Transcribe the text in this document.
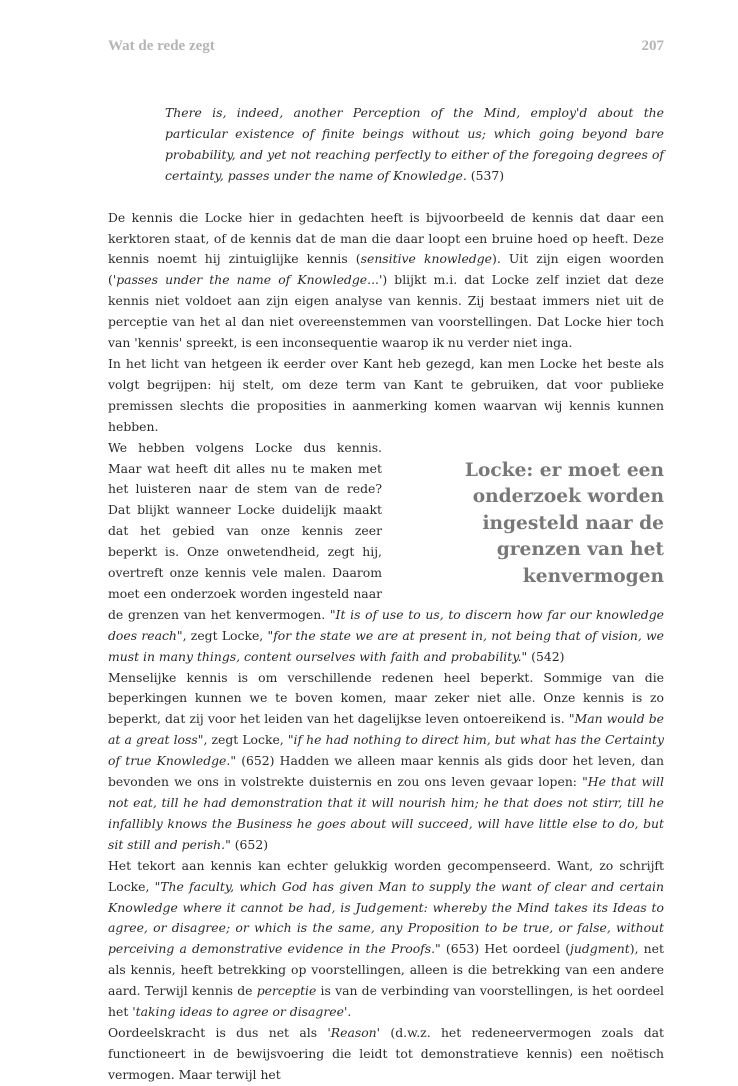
Wat de rede zegt	207

There is, indeed, another Perception of the Mind, employ'd about the particular existence of finite beings without us; which going beyond bare probability, and yet not reaching perfectly to either of the foregoing degrees of certainty, passes under the name of Knowledge. (537)

De kennis die Locke hier in gedachten heeft is bijvoorbeeld de kennis dat daar een kerktoren staat, of de kennis dat de man die daar loopt een bruine hoed op heeft. Deze kennis noemt hij zintuiglijke kennis (sensitive knowledge). Uit zijn eigen woorden ('passes under the name of Knowledge...') blijkt m.i. dat Locke zelf inziet dat deze kennis niet voldoet aan zijn eigen analyse van kennis. Zij bestaat immers niet uit de perceptie van het al dan niet overeenstemmen van voorstellingen. Dat Locke hier toch van 'kennis' spreekt, is een inconsequentie waarop ik nu verder niet inga.

In het licht van hetgeen ik eerder over Kant heb gezegd, kan men Locke het beste als volgt begrijpen: hij stelt, om deze term van Kant te gebruiken, dat voor publieke premissen slechts die proposities in aanmerking komen waarvan wij kennis kunnen hebben.

Locke: er moet een onderzoek worden ingesteld naar de grenzen van het kenvermogen

We hebben volgens Locke dus kennis. Maar wat heeft dit alles nu te maken met het luisteren naar de stem van de rede? Dat blijkt wanneer Locke duidelijk maakt dat het gebied van onze kennis zeer beperkt is. Onze onwetendheid, zegt hij, overtreft onze kennis vele malen. Daarom moet een onderzoek worden ingesteld naar de grenzen van het kenvermogen. "It is of use to us, to discern how far our knowledge does reach", zegt Locke, "for the state we are at present in, not being that of vision, we must in many things, content ourselves with faith and probability." (542)

Menselijke kennis is om verschillende redenen heel beperkt. Sommige van die beperkingen kunnen we te boven komen, maar zeker niet alle. Onze kennis is zo beperkt, dat zij voor het leiden van het dagelijkse leven ontoereikend is. "Man would be at a great loss", zegt Locke, "if he had nothing to direct him, but what has the Certainty of true Knowledge." (652) Hadden we alleen maar kennis als gids door het leven, dan bevonden we ons in volstrekte duisternis en zou ons leven gevaar lopen: "He that will not eat, till he had demonstration that it will nourish him; he that does not stirr, till he infallibly knows the Business he goes about will succeed, will have little else to do, but sit still and perish." (652)

Het tekort aan kennis kan echter gelukkig worden gecompenseerd. Want, zo schrijft Locke, "The faculty, which God has given Man to supply the want of clear and certain Knowledge where it cannot be had, is Judgement: whereby the Mind takes its Ideas to agree, or disagree; or which is the same, any Proposition to be true, or false, without perceiving a demonstrative evidence in the Proofs." (653) Het oordeel (judgment), net als kennis, heeft betrekking op voorstellingen, alleen is die betrekking van een andere aard. Terwijl kennis de perceptie is van de verbinding van voorstellingen, is het oordeel het 'taking ideas to agree or disagree'.

Oordeelskracht is dus net als 'Reason' (d.w.z. het redeneervermogen zoals dat functioneert in de bewijsvoering die leidt tot demonstratieve kennis) een noëtisch vermogen. Maar terwijl het
